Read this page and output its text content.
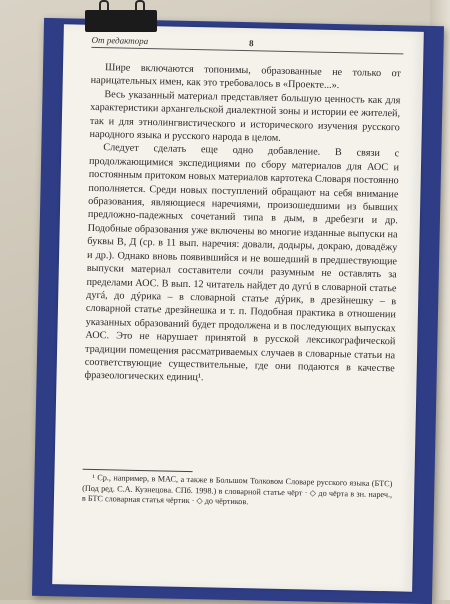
От редактора	8

Шире включаются топонимы, образованные не только от нарицательных имен, как это требовалось в «Проекте...».

Весь указанный материал представляет большую ценность как для характеристики архангельской диалектной зоны и истории ее жителей, так и для этнолингвистического и исторического изучения русского народного языка и русского народа в целом.

Следует сделать еще одно добавление. В связи с продолжающимися экспедициями по сбору материалов для АОС и постоянным притоком новых материалов картотека Словаря постоянно пополняется. Среди новых поступлений обращают на себя внимание образования, являющиеся наречиями, произошедшими из бывших предложно-падежных сочетаний типа в дым, в дребезги и др. Подобные образования уже включены во многие изданные выпуски на буквы В, Д (ср. в 11 вып. наречия: довали, додыры, докраю, довадёжу и др.). Однако вновь появившийся и не вошедший в предшествующие выпуски материал составители сочли разумным не оставлять за пределами АОС. В вып. 12 читатель найдет до дугú в словарной статье дугá, до дýрика – в словарной статье дýрик, в дрезйнешку – в словарной статье дрезйнешка и т. п. Подобная практика в отношении указанных образований будет продолжена и в последующих выпусках АОС. Это не нарушает принятой в русской лексикографической традиции помещения рассматриваемых случаев в словарные статьи на соответствующие существительные, где они подаются в качестве фразеологических единиц¹.

¹ Ср., например, в МАС, а также в Большом Толковом Словаре русского языка (БТС) (Под ред. С.А. Кузнецова. СПб. 1998.) в словарной статье чёрт · ◇ до чёрта в зн. нареч., в БТС словарная статья чёртик · ◇ до чёртиков.
